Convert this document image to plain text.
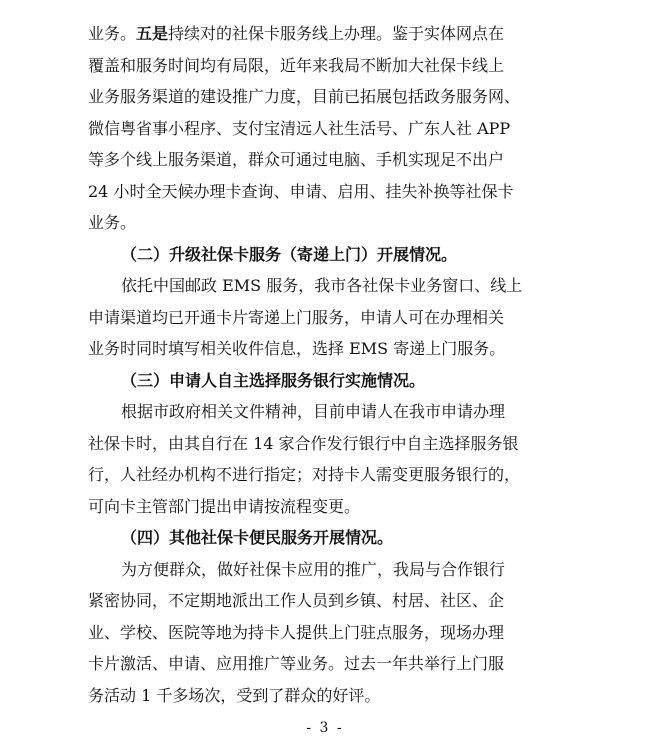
业务。五是持续对的社保卡服务线上办理。鉴于实体网点在
覆盖和服务时间均有局限，近年来我局不断加大社保卡线上
业务服务渠道的建设推广力度，目前已拓展包括政务服务网、
微信粤省事小程序、支付宝清远人社生活号、广东人社 APP
等多个线上服务渠道，群众可通过电脑、手机实现足不出户
24 小时全天候办理卡查询、申请、启用、挂失补换等社保卡
业务。
（二）升级社保卡服务（寄递上门）开展情况。
依托中国邮政 EMS 服务，我市各社保卡业务窗口、线上
申请渠道均已开通卡片寄递上门服务，申请人可在办理相关
业务时同时填写相关收件信息，选择 EMS 寄递上门服务。
（三）申请人自主选择服务银行实施情况。
根据市政府相关文件精神，目前申请人在我市申请办理
社保卡时，由其自行在 14 家合作发行银行中自主选择服务银
行，人社经办机构不进行指定；对持卡人需变更服务银行的，
可向卡主管部门提出申请按流程变更。
（四）其他社保卡便民服务开展情况。
为方便群众，做好社保卡应用的推广，我局与合作银行
紧密协同，不定期地派出工作人员到乡镇、村居、社区、企
业、学校、医院等地为持卡人提供上门驻点服务，现场办理
卡片激活、申请、应用推广等业务。过去一年共举行上门服
务活动 1 千多场次，受到了群众的好评。
- 3 -
